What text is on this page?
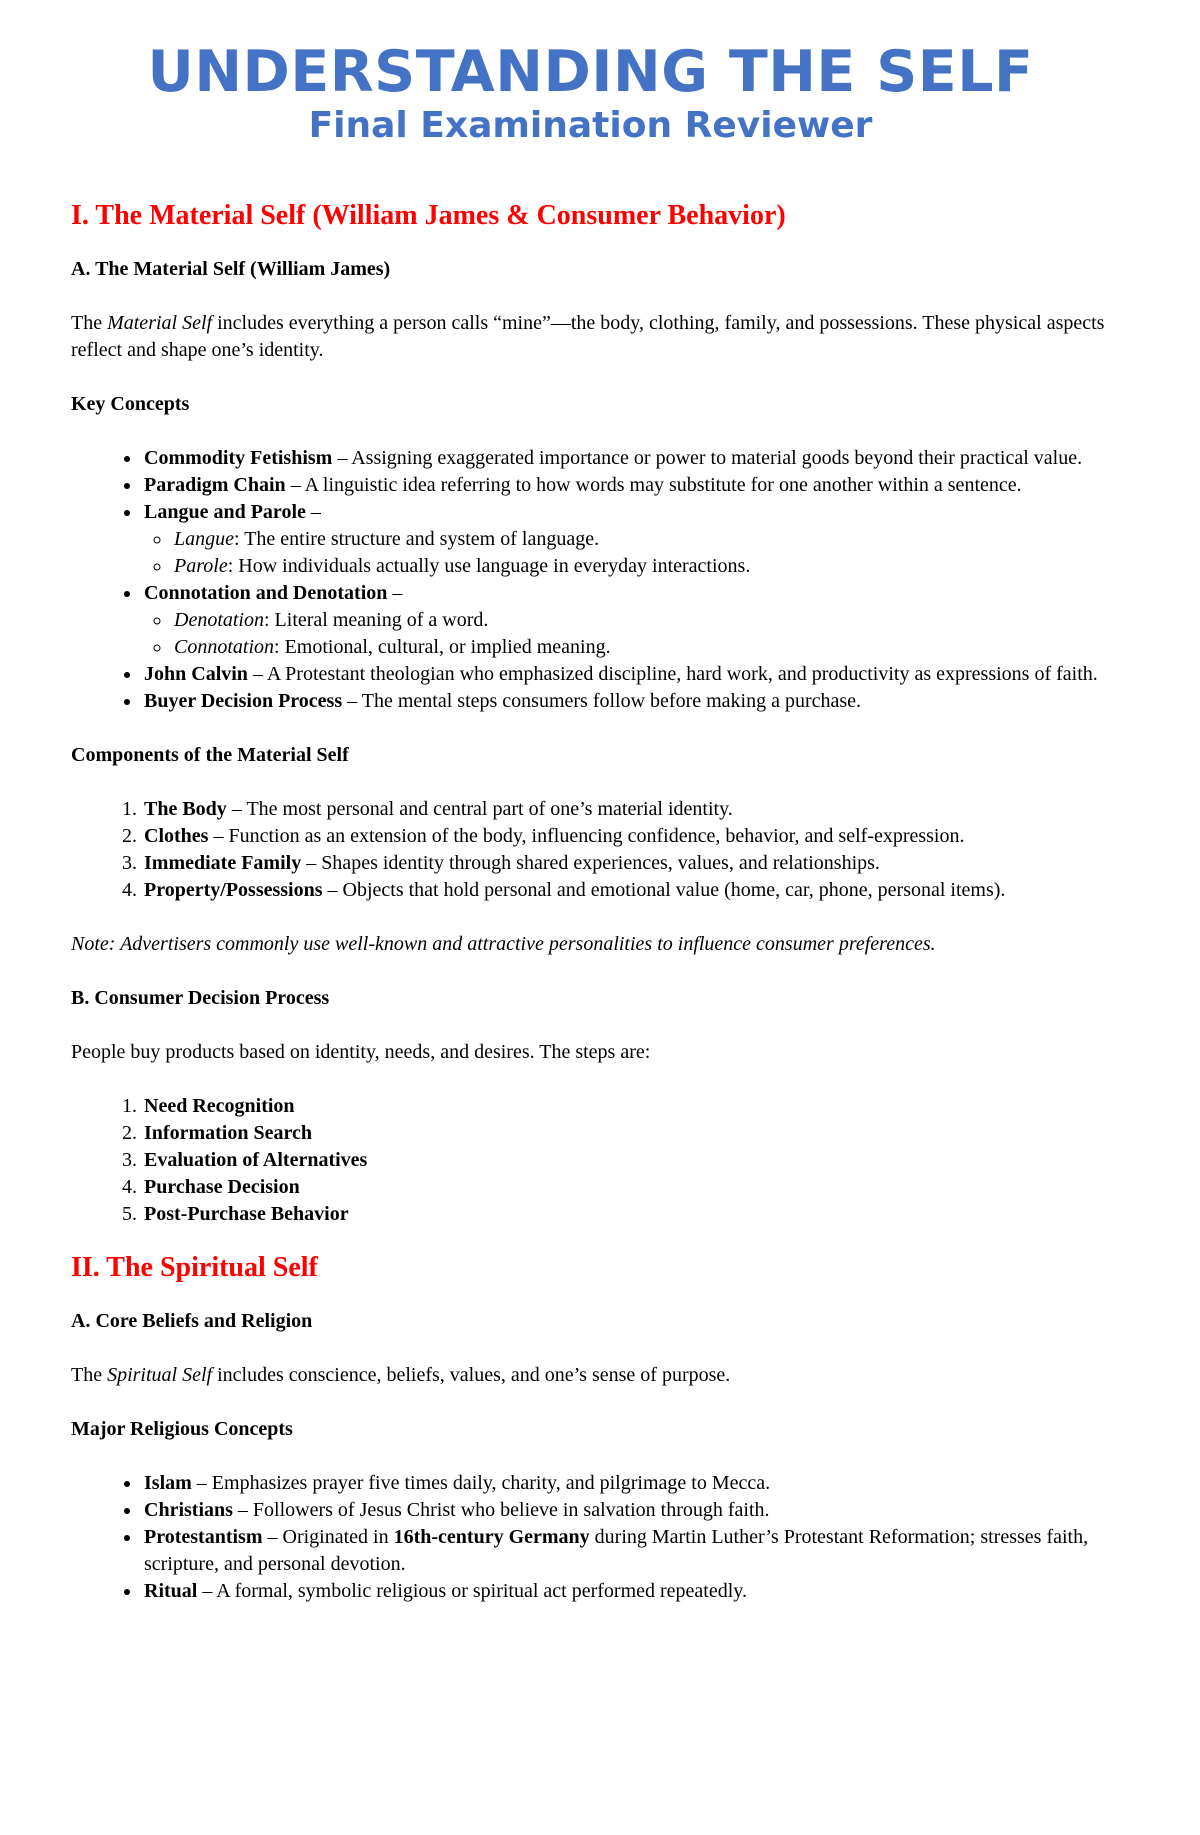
UNDERSTANDING THE SELF
Final Examination Reviewer
I. The Material Self (William James & Consumer Behavior)
A. The Material Self (William James)

The Material Self includes everything a person calls “mine”—the body, clothing, family, and possessions. These physical aspects reflect and shape one’s identity.

Key Concepts
• Commodity Fetishism – Assigning exaggerated importance or power to material goods beyond their practical value.
• Paradigm Chain – A linguistic idea referring to how words may substitute for one another within a sentence.
• Langue and Parole –
◦ Langue: The entire structure and system of language.
◦ Parole: How individuals actually use language in everyday interactions.
• Connotation and Denotation –
◦ Denotation: Literal meaning of a word.
◦ Connotation: Emotional, cultural, or implied meaning.
• John Calvin – A Protestant theologian who emphasized discipline, hard work, and productivity as expressions of faith.
• Buyer Decision Process – The mental steps consumers follow before making a purchase.
Components of the Material Self
1. The Body – The most personal and central part of one’s material identity.
2. Clothes – Function as an extension of the body, influencing confidence, behavior, and self-expression.
3. Immediate Family – Shapes identity through shared experiences, values, and relationships.
4. Property/Possessions – Objects that hold personal and emotional value (home, car, phone, personal items).

Note: Advertisers commonly use well-known and attractive personalities to influence consumer preferences.

B. Consumer Decision Process

People buy products based on identity, needs, and desires. The steps are:

1. Need Recognition
2. Information Search
3. Evaluation of Alternatives
4. Purchase Decision
5. Post-Purchase Behavior
II. The Spiritual Self
A. Core Beliefs and Religion

The Spiritual Self includes conscience, beliefs, values, and one’s sense of purpose.

Major Religious Concepts
• Islam – Emphasizes prayer five times daily, charity, and pilgrimage to Mecca.
• Christians – Followers of Jesus Christ who believe in salvation through faith.
• Protestantism – Originated in 16th-century Germany during Martin Luther’s Protestant Reformation; stresses faith, scripture, and personal devotion.
• Ritual – A formal, symbolic religious or spiritual act performed repeatedly.
